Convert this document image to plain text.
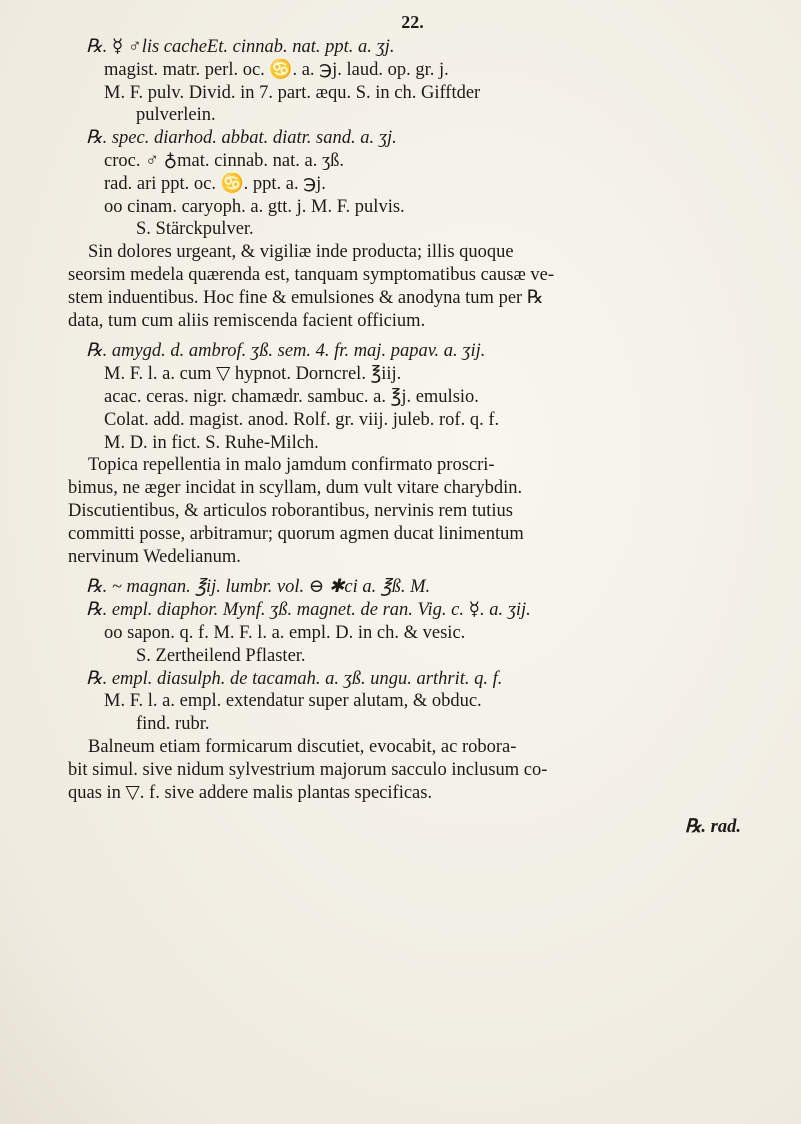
22.
℞. ☿ ♂lis cacheEt. cinnab. nat. ppt. a. ʒj.
magist. matr. perl. oc. ♋. a. ℈j. laud. op. gr. j.
M. F. pulv. Divid. in 7. part. æqu. S. in ch. Gifftder
pulverlein.
℞. spec. diarhod. abbat. diatr. sand. a. ʒj.
croc. ♂ ♁mat. cinnab. nat. a. ʒß.
rad. ari ppt. oc. ♋. ppt. a. ℈j.
oo cinam. caryoph. a. gtt. j. M. F. pulvis.
S. Stärckpulver.
Sin dolores urgeant, & vigiliæ inde producta; illis quoque
seorsim medela quærenda est, tanquam symptomatibus causæ ve-
stem induentibus. Hoc fine & emulsiones & anodyna tum per ℞
data, tum cum aliis remiscenda facient officium.
℞. amygd. d. ambrof. ʒß. sem. 4. fr. maj. papav. a. ʒij.
M. F. l. a. cum ▽ hypnot. Dorncrel. ℥iij.
acac. ceras. nigr. chamædr. sambuc. a. ℥j. emulsio.
Colat. add. magist. anod. Rolf. gr. viij. juleb. rof. q. f.
M. D. in fict. S. Ruhe-Milch.
Topica repellentia in malo jamdum confirmato proscri-
bimus, ne æger incidat in scyllam, dum vult vitare charybdin.
Discutientibus, & articulos roborantibus, nervinis rem tutius
committi posse, arbitramur; quorum agmen ducat linimentum
nervinum Wedelianum.
℞. ~ magnan. ℥ij. lumbr. vol. ⊖ ✱ci a. ℥ß. M.
℞. empl. diaphor. Mynf. ʒß. magnet. de ran. Vig. c. ☿. a. ʒij.
oo sapon. q. f. M. F. l. a. empl. D. in ch. & vesic.
S. Zertheilend Pflaster.
℞. empl. diasulph. de tacamah. a. ʒß. ungu. arthrit. q. f.
M. F. l. a. empl. extendatur super alutam, & obduc.
find. rubr.
Balneum etiam formicarum discutiet, evocabit, ac robora-
bit simul. sive nidum sylvestrium majorum sacculo inclusum co-
quas in ▽. f. sive addere malis plantas specificas.
℞. rad.
